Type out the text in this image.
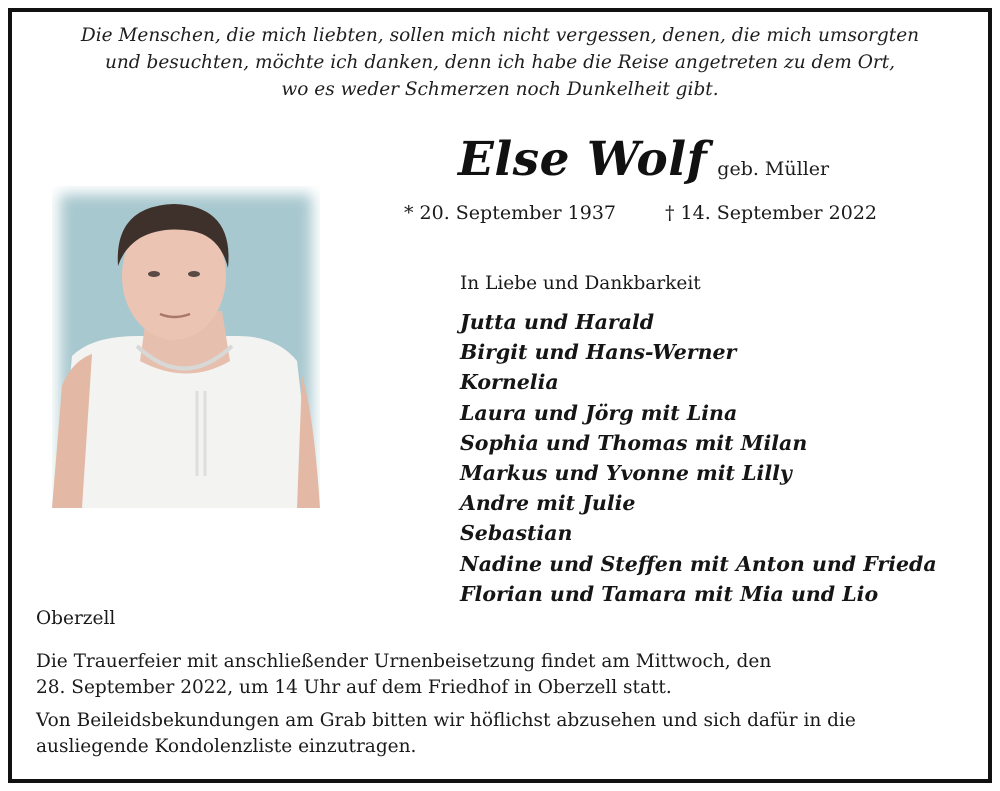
Die Menschen, die mich liebten, sollen mich nicht vergessen, denen, die mich umsorgten
und besuchten, möchte ich danken, denn ich habe die Reise angetreten zu dem Ort,
wo es weder Schmerzen noch Dunkelheit gibt.
Else Wolf geb. Müller
* 20. September 1937	† 14. September 2022
In Liebe und Dankbarkeit
Jutta und Harald
Birgit und Hans-Werner
Kornelia
Laura und Jörg mit Lina
Sophia und Thomas mit Milan
Markus und Yvonne mit Lilly
Andre mit Julie
Sebastian
Nadine und Steffen mit Anton und Frieda
Florian und Tamara mit Mia und Lio
Oberzell
Die Trauerfeier mit anschließender Urnenbeisetzung findet am Mittwoch, den
28. September 2022, um 14 Uhr auf dem Friedhof in Oberzell statt.
Von Beileidsbekundungen am Grab bitten wir höflichst abzusehen und sich dafür in die
ausliegende Kondolenzliste einzutragen.
